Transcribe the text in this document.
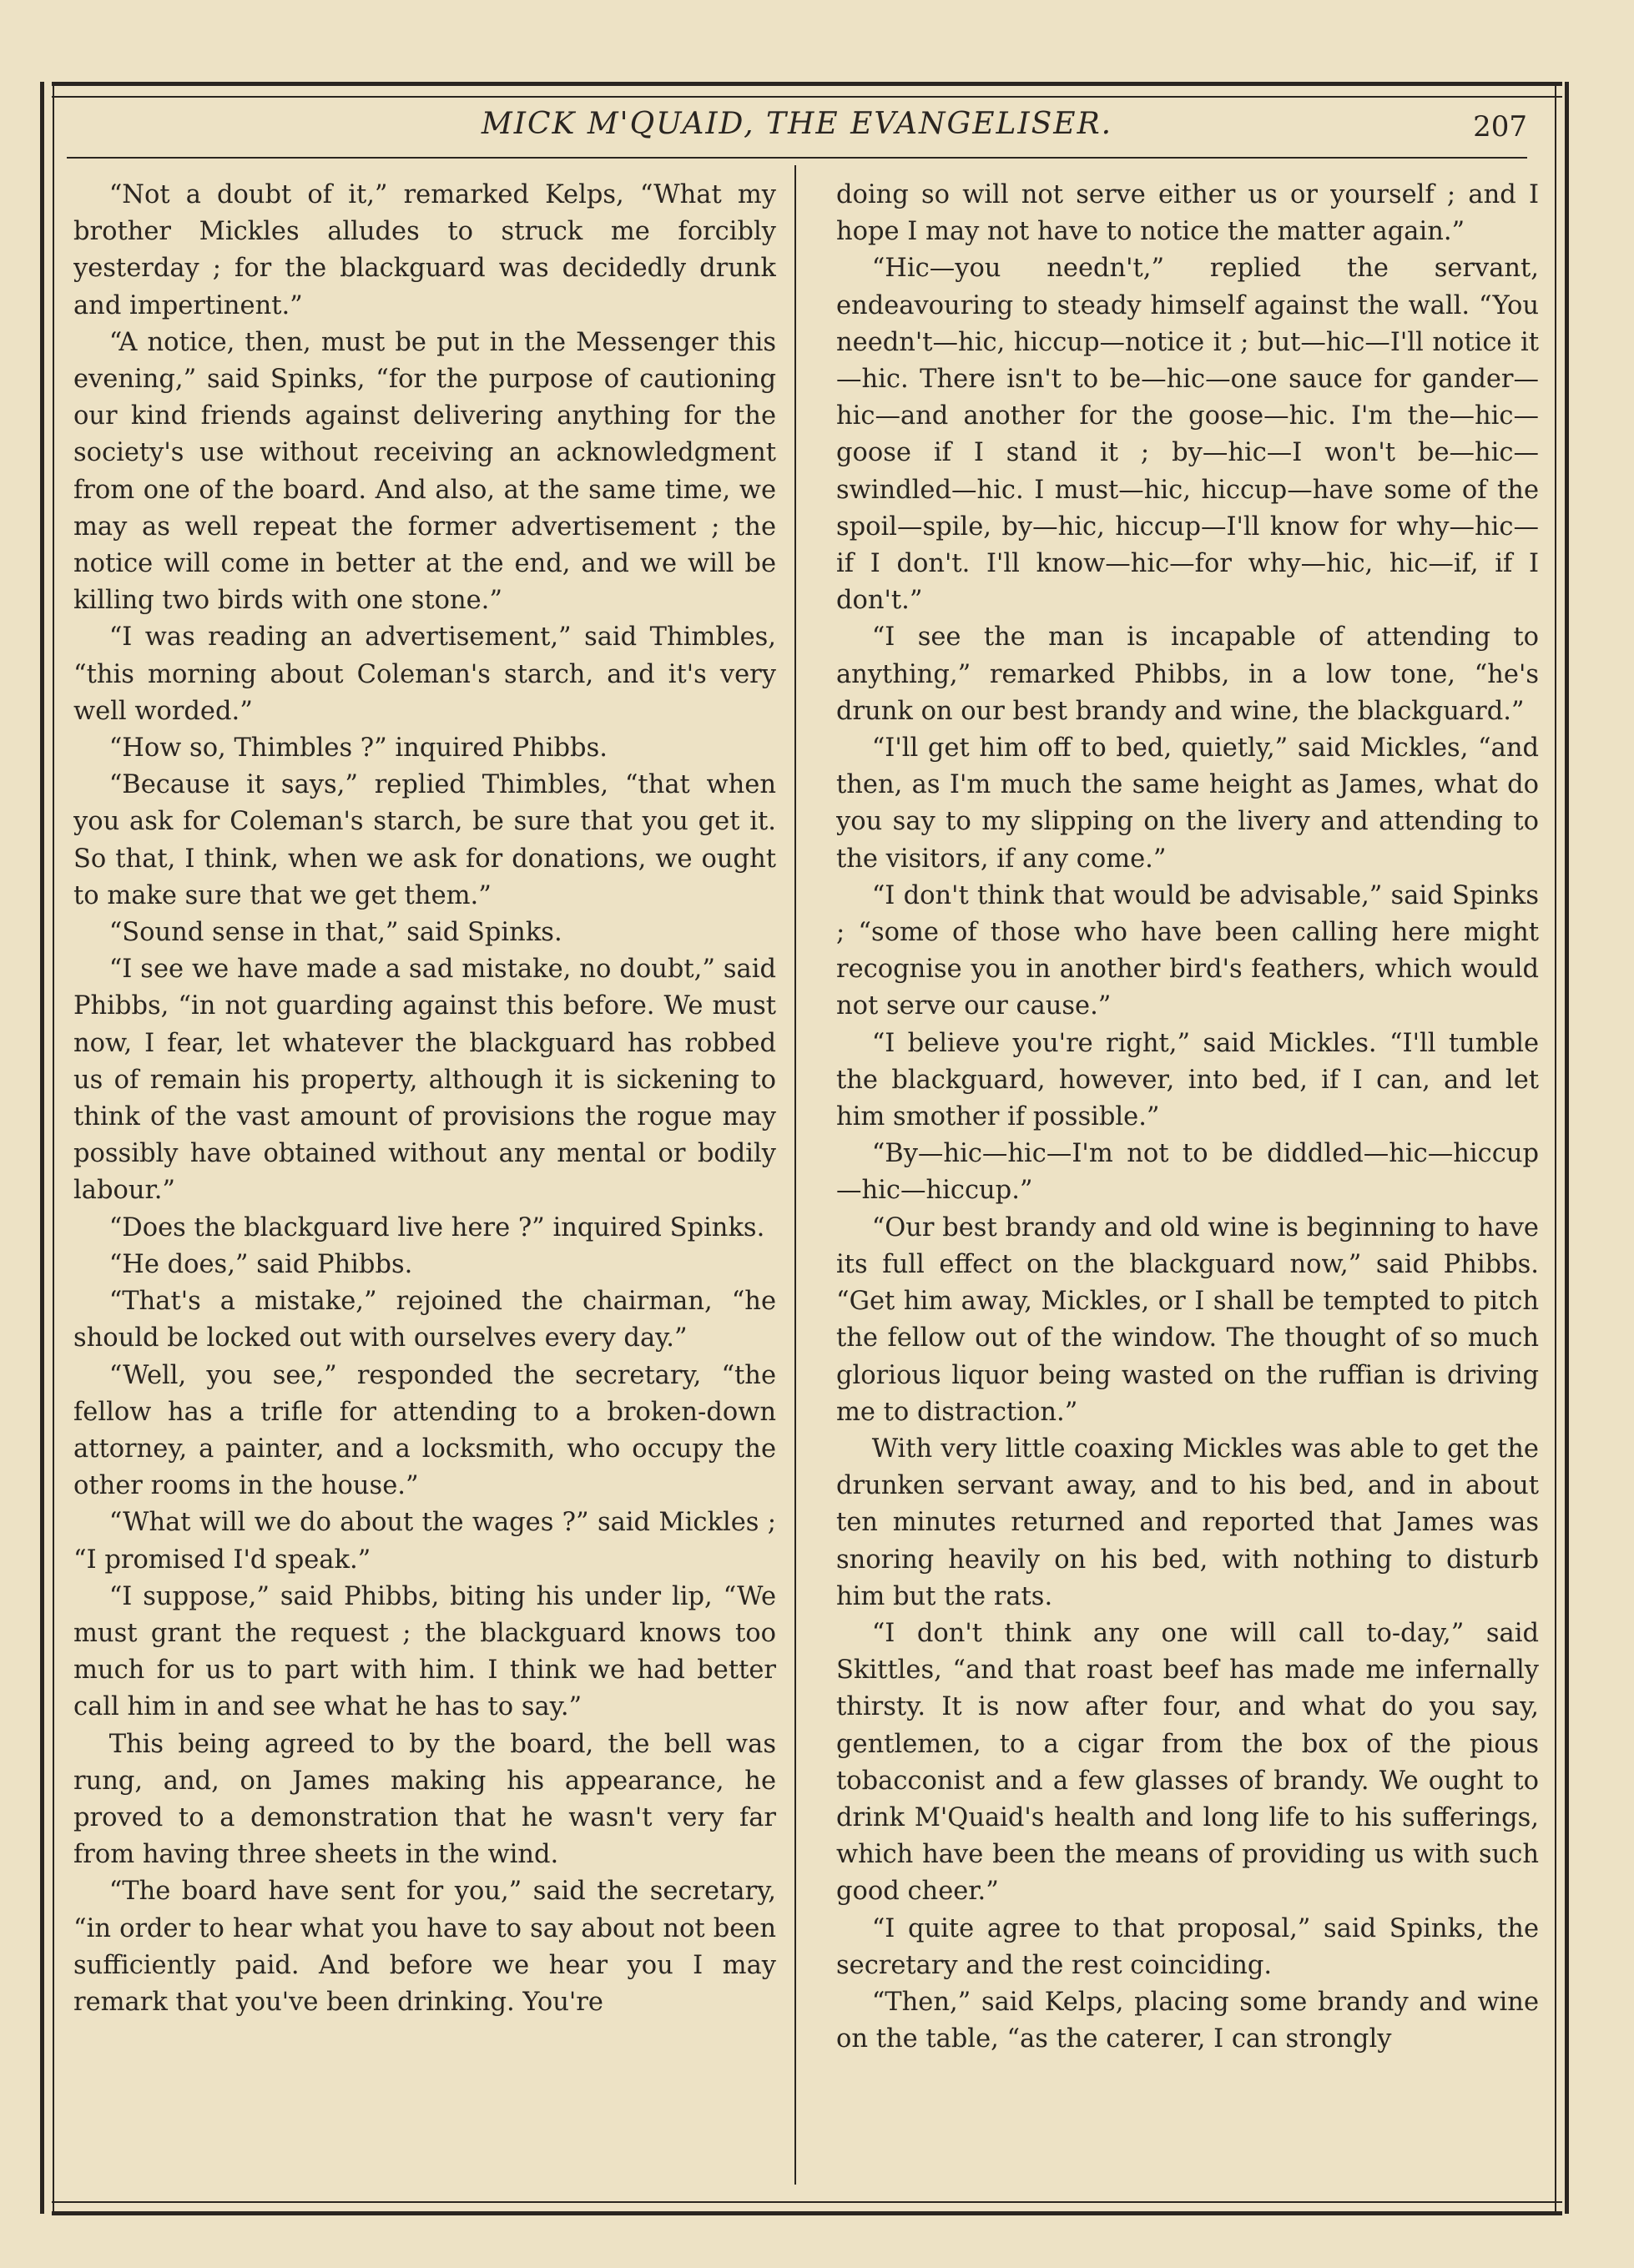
MICK M'QUAID, THE EVANGELISER.	207

“Not a doubt of it,” remarked Kelps, “What my brother Mickles alludes to struck me forcibly yesterday ; for the blackguard was decidedly drunk and impertinent.”

“A notice, then, must be put in the Messenger this evening,” said Spinks, “for the purpose of cautioning our kind friends against delivering anything for the society's use without receiving an acknowledgment from one of the board. And also, at the same time, we may as well repeat the former advertisement ; the notice will come in better at the end, and we will be killing two birds with one stone.”

“I was reading an advertisement,” said Thimbles, “this morning about Coleman's starch, and it's very well worded.”

“How so, Thimbles ?” inquired Phibbs.

“Because it says,” replied Thimbles, “that when you ask for Coleman's starch, be sure that you get it. So that, I think, when we ask for donations, we ought to make sure that we get them.”

“Sound sense in that,” said Spinks.

“I see we have made a sad mistake, no doubt,” said Phibbs, “in not guarding against this before. We must now, I fear, let whatever the blackguard has robbed us of remain his property, although it is sickening to think of the vast amount of provisions the rogue may possibly have obtained without any mental or bodily labour.”

“Does the blackguard live here ?” inquired Spinks.

“He does,” said Phibbs.

“That's a mistake,” rejoined the chairman, “he should be locked out with ourselves every day.”

“Well, you see,” responded the secretary, “the fellow has a trifle for attending to a broken-down attorney, a painter, and a locksmith, who occupy the other rooms in the house.”

“What will we do about the wages ?” said Mickles ; “I promised I'd speak.”

“I suppose,” said Phibbs, biting his under lip, “We must grant the request ; the blackguard knows too much for us to part with him. I think we had better call him in and see what he has to say.”

This being agreed to by the board, the bell was rung, and, on James making his appearance, he proved to a demonstration that he wasn't very far from having three sheets in the wind.

“The board have sent for you,” said the secretary, “in order to hear what you have to say about not been sufficiently paid. And before we hear you I may remark that you've been drinking. You're

doing so will not serve either us or yourself ; and I hope I may not have to notice the matter again.”

“Hic—you needn't,” replied the servant, endeavouring to steady himself against the wall. “You needn't—hic, hiccup—notice it ; but—hic—I'll notice it—hic. There isn't to be—hic—one sauce for gander—hic—and another for the goose—hic. I'm the—hic—goose if I stand it ; by—hic—I won't be—hic—swindled—hic. I must—hic, hiccup—have some of the spoil—spile, by—hic, hiccup—I'll know for why—hic—if I don't. I'll know—hic—for why—hic, hic—if, if I don't.”

“I see the man is incapable of attending to anything,” remarked Phibbs, in a low tone, “he's drunk on our best brandy and wine, the blackguard.”

“I'll get him off to bed, quietly,” said Mickles, “and then, as I'm much the same height as James, what do you say to my slipping on the livery and attending to the visitors, if any come.”

“I don't think that would be advisable,” said Spinks ; “some of those who have been calling here might recognise you in another bird's feathers, which would not serve our cause.”

“I believe you're right,” said Mickles. “I'll tumble the blackguard, however, into bed, if I can, and let him smother if possible.”

“By—hic—hic—I'm not to be diddled—hic—hiccup—hic—hiccup.”

“Our best brandy and old wine is beginning to have its full effect on the blackguard now,” said Phibbs. “Get him away, Mickles, or I shall be tempted to pitch the fellow out of the window. The thought of so much glorious liquor being wasted on the ruffian is driving me to distraction.”

With very little coaxing Mickles was able to get the drunken servant away, and to his bed, and in about ten minutes returned and reported that James was snoring heavily on his bed, with nothing to disturb him but the rats.

“I don't think any one will call to-day,” said Skittles, “and that roast beef has made me infernally thirsty. It is now after four, and what do you say, gentlemen, to a cigar from the box of the pious tobacconist and a few glasses of brandy. We ought to drink M'Quaid's health and long life to his sufferings, which have been the means of providing us with such good cheer.”

“I quite agree to that proposal,” said Spinks, the secretary and the rest coinciding.

“Then,” said Kelps, placing some brandy and wine on the table, “as the caterer, I can strongly
